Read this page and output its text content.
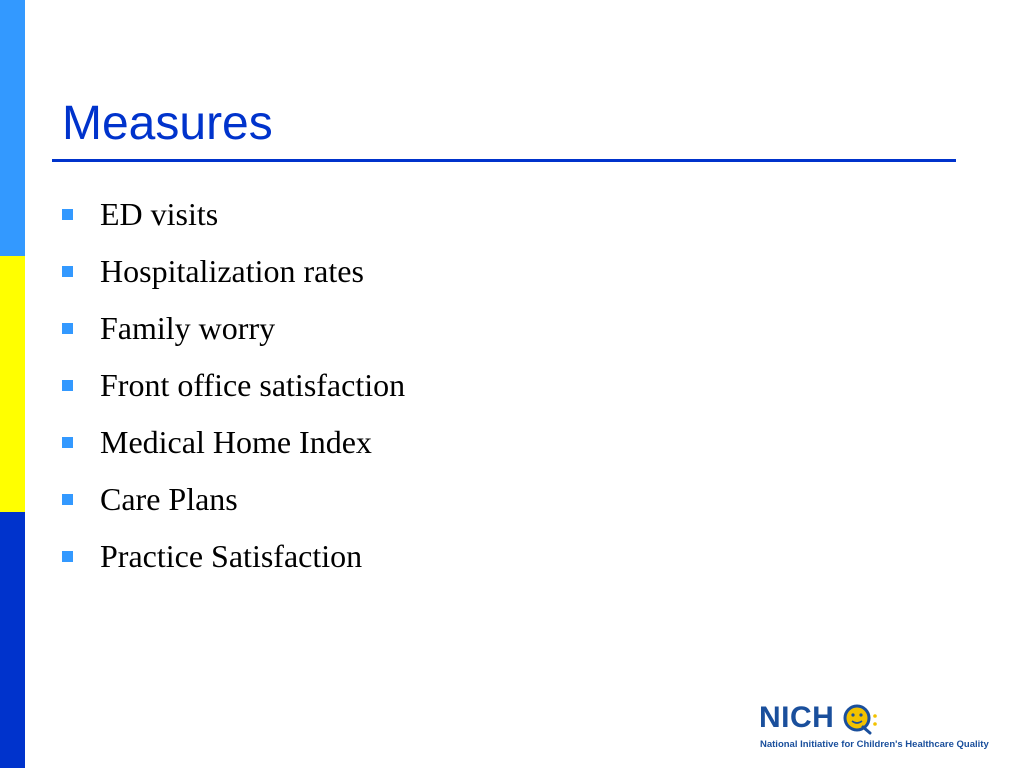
Measures
ED visits
Hospitalization rates
Family worry
Front office satisfaction
Medical Home Index
Care Plans
Practice Satisfaction
NICH
National Initiative for Children's Healthcare Quality
